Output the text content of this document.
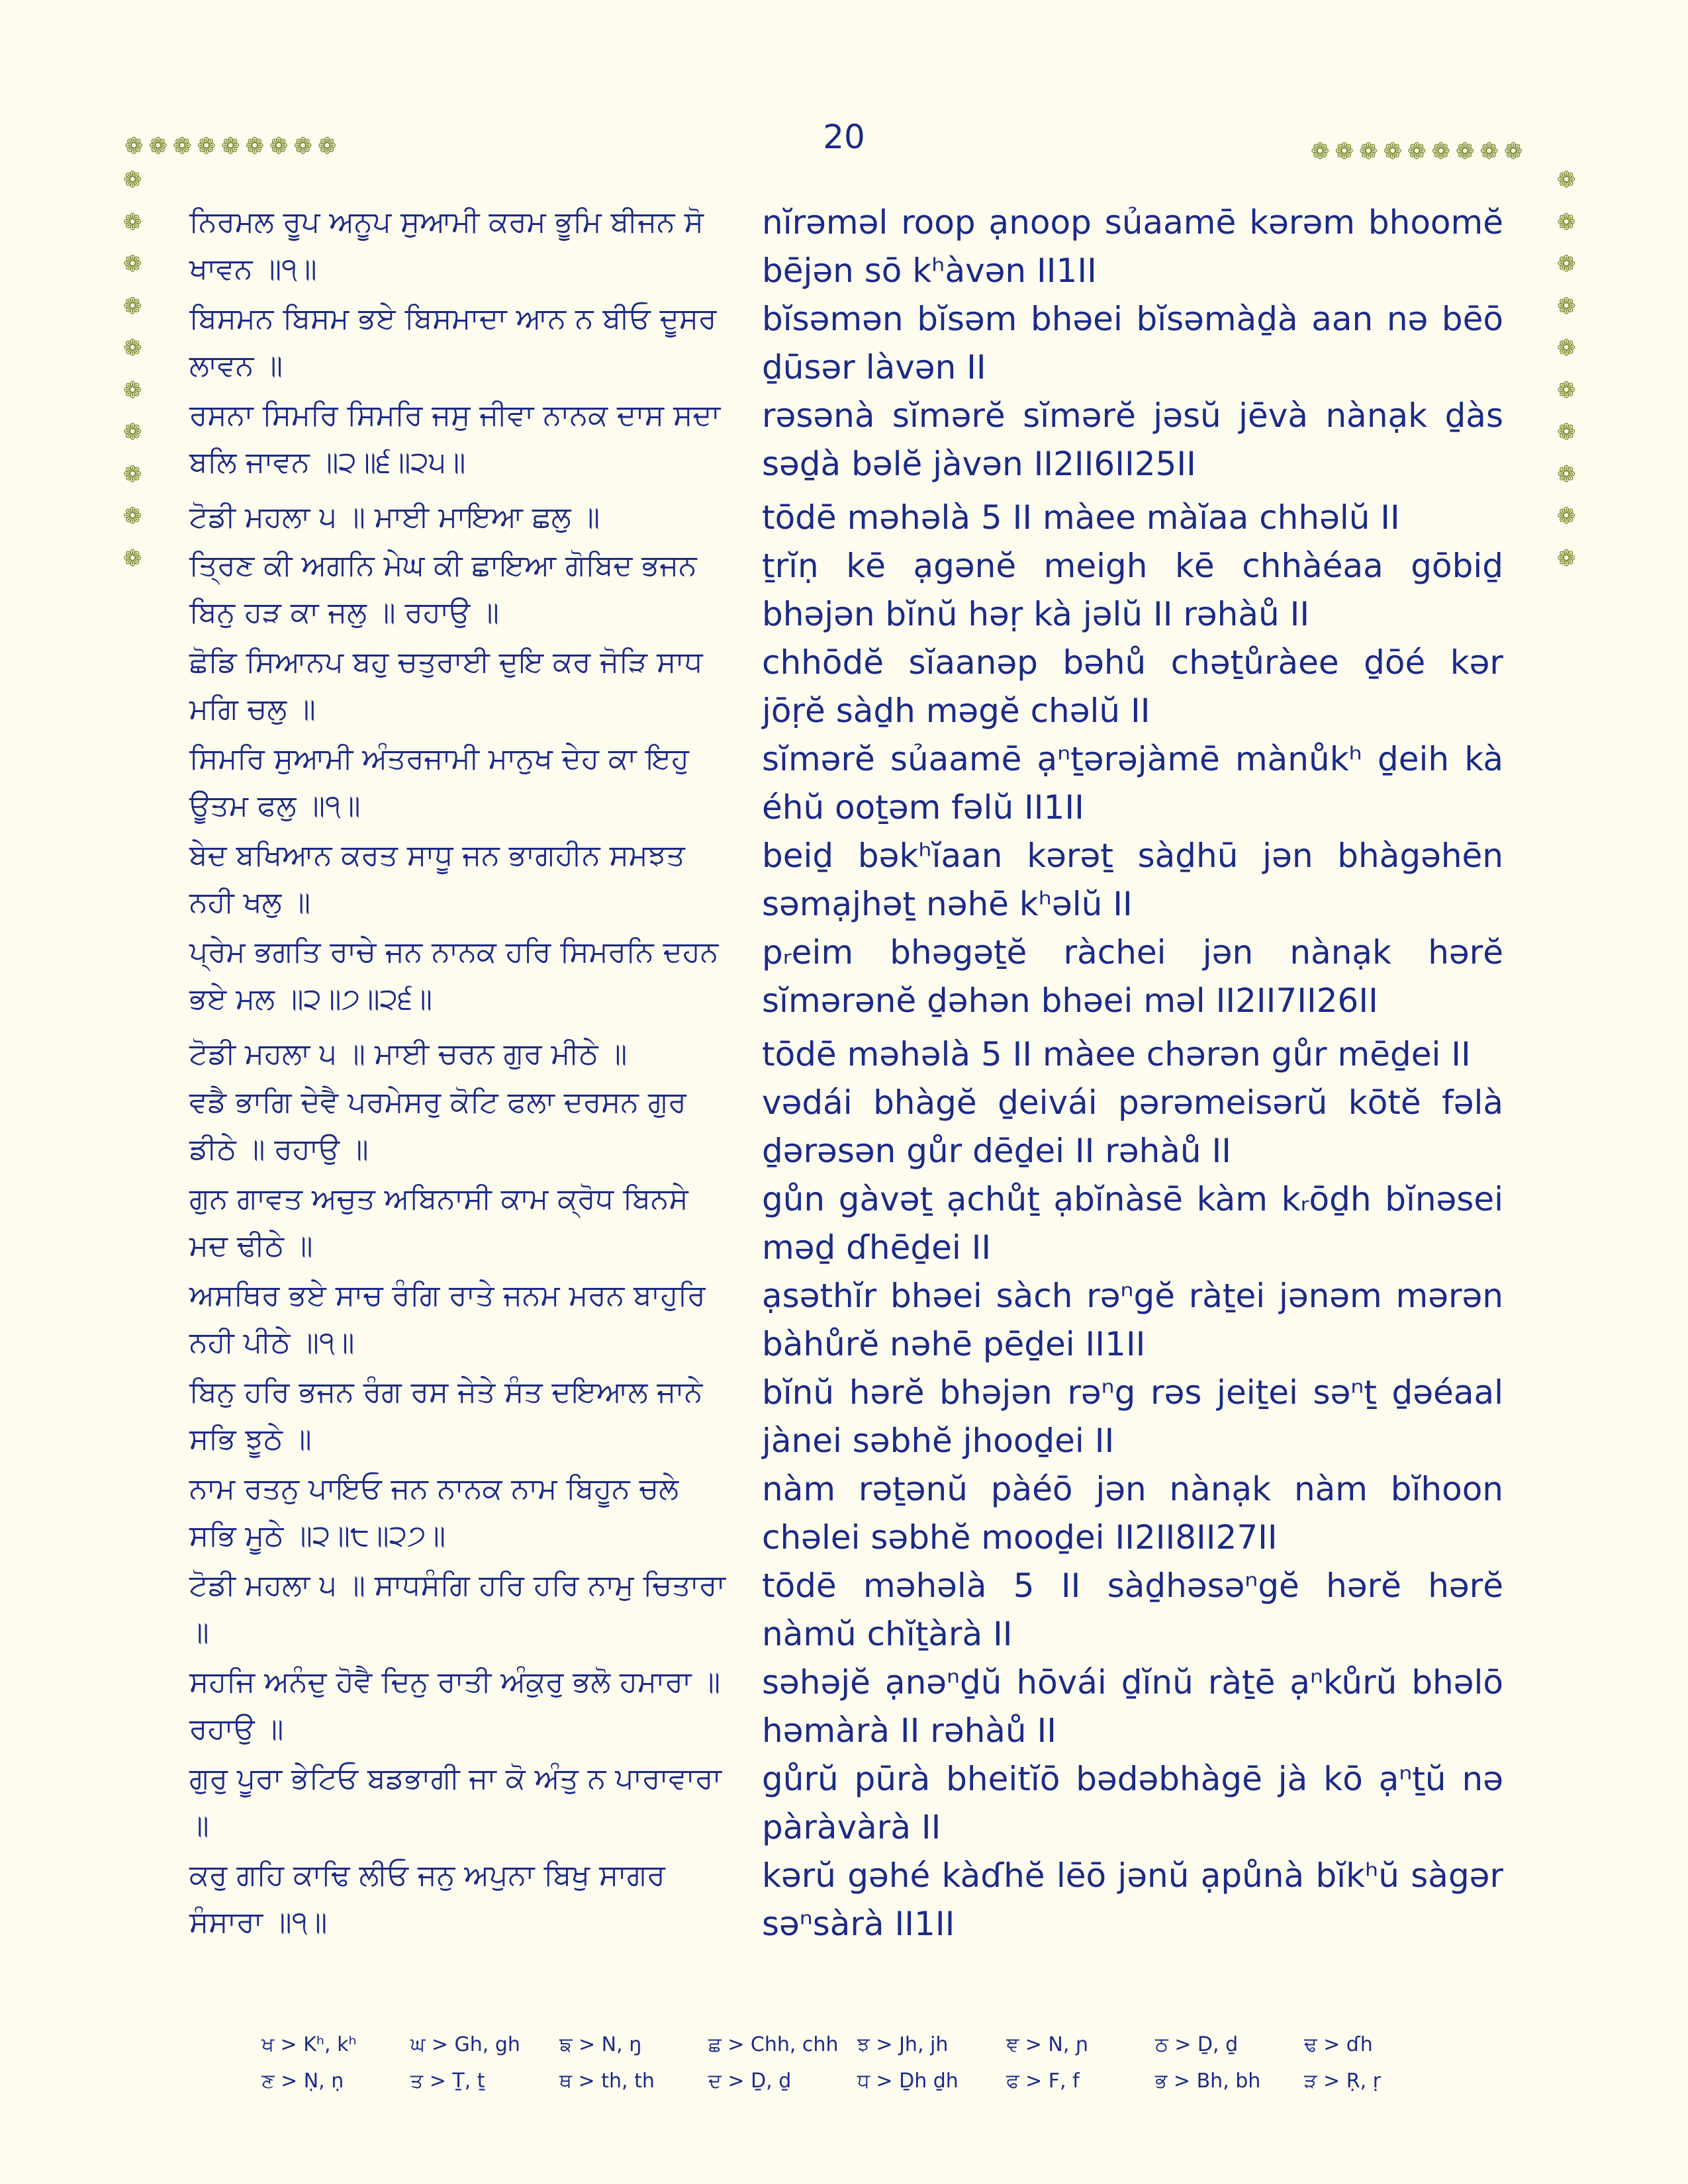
20
❁❁❁❁❁❁❁❁❁	❁❁❁❁❁❁❁❁❁
❁
❁
❁
❁
❁
❁
❁
❁
❁
❁
❁
❁
❁
❁
❁
❁
❁
❁
❁
❁
ਨਿਰਮਲ ਰੂਪ ਅਨੂਪ ਸੁਆਮੀ ਕਰਮ ਭੂਮਿ ਬੀਜਨ ਸੋ ਖਾਵਨ ॥੧॥
nĭrəməl roop ạnoop sủaamē kərəm bhoomĕ bējən sō kʰàvən II1II
ਬਿਸਮਨ ਬਿਸਮ ਭਏ ਬਿਸਮਾਦਾ ਆਨ ਨ ਬੀਓ ਦੂਸਰ ਲਾਵਨ ॥
bĭsəmən bĭsəm bhəei bĭsəmàḏà aan nə bēō ḏūsər làvən II
ਰਸਨਾ ਸਿਮਰਿ ਸਿਮਰਿ ਜਸੁ ਜੀਵਾ ਨਾਨਕ ਦਾਸ ਸਦਾ ਬਲਿ ਜਾਵਨ ॥੨॥੬॥੨੫॥
rəsənà sĭmərĕ sĭmərĕ jəsŭ jēvà nànạk ḏàs səḏà bəlĕ jàvən II2II6II25II
ਟੋਡੀ ਮਹਲਾ ੫ ॥ ਮਾਈ ਮਾਇਆ ਛਲੁ ॥	tōdē məhəlà 5 II màee màĭaa chhəlŭ II
ਤ੍ਰਿਣ ਕੀ ਅਗਨਿ ਮੇਘ ਕੀ ਛਾਇਆ ਗੋਬਿਦ ਭਜਨ ਬਿਨੁ ਹੜ ਕਾ ਜਲੁ ॥ ਰਹਾਉ ॥
ṯrĭṇ kē ạgənĕ meigh kē chhàéaa gōbiḏ bhəjən bĭnŭ həṛ kà jəlŭ II rəhàů II
ਛੋਡਿ ਸਿਆਨਪ ਬਹੁ ਚਤੁਰਾਈ ਦੁਇ ਕਰ ਜੋੜਿ ਸਾਧ ਮਗਿ ਚਲੁ ॥
chhōdĕ sĭaanəp bəhů chəṯůràee ḏōé kər jōṛĕ sàḏh məgĕ chəlŭ II
ਸਿਮਰਿ ਸੁਆਮੀ ਅੰਤਰਜਾਮੀ ਮਾਨੁਖ ਦੇਹ ਕਾ ਇਹੁ ਊਤਮ ਫਲੁ ॥੧॥
sĭmərĕ sủaamē ạⁿṯərəjàmē mànůkʰ ḏeih kà éhŭ ooṯəm fəlŭ II1II
ਬੇਦ ਬਖਿਆਨ ਕਰਤ ਸਾਧੂ ਜਨ ਭਾਗਹੀਨ ਸਮਝਤ ਨਹੀ ਖਲੁ ॥
beiḏ bəkʰĭaan kərəṯ sàḏhū jən bhàgəhēn səmạjhəṯ nəhē kʰəlŭ II
ਪ੍ਰੇਮ ਭਗਤਿ ਰਾਚੇ ਜਨ ਨਾਨਕ ਹਰਿ ਸਿਮਰਨਿ ਦਹਨ ਭਏ ਮਲ ॥੨॥੭॥੨੬॥
pᵣeim bhəgəṯĕ ràchei jən nànạk hərĕ sĭmərənĕ ḏəhən bhəei məl II2II7II26II
ਟੋਡੀ ਮਹਲਾ ੫ ॥ ਮਾਈ ਚਰਨ ਗੁਰ ਮੀਠੇ ॥	tōdē məhəlà 5 II màee chərən gůr mēḏei II
ਵਡੈ ਭਾਗਿ ਦੇਵੈ ਪਰਮੇਸਰੁ ਕੋਟਿ ਫਲਾ ਦਰਸਨ ਗੁਰ ਡੀਠੇ ॥ ਰਹਾਉ ॥
vədái bhàgĕ ḏeivái pərəmeisərŭ kōtĕ fəlà ḏərəsən gůr dēḏei II rəhàů II
ਗੁਨ ਗਾਵਤ ਅਚੁਤ ਅਬਿਨਾਸੀ ਕਾਮ ਕ੍ਰੋਧ ਬਿਨਸੇ ਮਦ ਢੀਠੇ ॥
gůn gàvəṯ ạchůṯ ạbĭnàsē kàm kᵣōḏh bĭnəsei məḏ ɗhēḏei II
ਅਸਥਿਰ ਭਏ ਸਾਚ ਰੰਗਿ ਰਾਤੇ ਜਨਮ ਮਰਨ ਬਾਹੁਰਿ ਨਹੀ ਪੀਠੇ ॥੧॥
ạsəthĭr bhəei sàch rəⁿgĕ ràṯei jənəm mərən bàhůrĕ nəhē pēḏei II1II
ਬਿਨੁ ਹਰਿ ਭਜਨ ਰੰਗ ਰਸ ਜੇਤੇ ਸੰਤ ਦਇਆਲ ਜਾਨੇ ਸਭਿ ਝੂਠੇ ॥
bĭnŭ hərĕ bhəjən rəⁿg rəs jeiṯei səⁿṯ ḏəéaal jànei səbhĕ jhooḏei II
ਨਾਮ ਰਤਨੁ ਪਾਇਓ ਜਨ ਨਾਨਕ ਨਾਮ ਬਿਹੂਨ ਚਲੇ ਸਭਿ ਮੂਠੇ ॥੨॥੮॥੨੭॥
nàm rəṯənŭ pàéō jən nànạk nàm bĭhoon chəlei səbhĕ mooḏei II2II8II27II
ਟੋਡੀ ਮਹਲਾ ੫ ॥ ਸਾਧਸੰਗਿ ਹਰਿ ਹਰਿ ਨਾਮੁ ਚਿਤਾਰਾ ॥
tōdē məhəlà 5 II sàḏhəsəⁿgĕ hərĕ hərĕ nàmŭ chĭṯàrà II
ਸਹਜਿ ਅਨੰਦੁ ਹੋਵੈ ਦਿਨੁ ਰਾਤੀ ਅੰਕੁਰੁ ਭਲੋ ਹਮਾਰਾ ॥ ਰਹਾਉ ॥
səhəjĕ ạnəⁿḏŭ hōvái ḏĭnŭ ràṯē ạⁿkůrŭ bhəlō həmàrà II rəhàů II
ਗੁਰੁ ਪੂਰਾ ਭੇਟਿਓ ਬਡਭਾਗੀ ਜਾ ਕੋ ਅੰਤੁ ਨ ਪਾਰਾਵਾਰਾ ॥
gůrŭ pūrà bheitĭō bədəbhàgē jà kō ạⁿṯŭ nə pàràvàrà II
ਕਰੁ ਗਹਿ ਕਾਢਿ ਲੀਓ ਜਨੁ ਅਪੁਨਾ ਬਿਖੁ ਸਾਗਰ ਸੰਸਾਰਾ ॥੧॥
kərŭ gəhé kàɗhĕ lēō jənŭ ạpůnà bĭkʰŭ sàgər səⁿsàrà II1II
ਖ > Kʰ, kʰ	ਘ > Gh, gh	ਙ > N, ŋ	ਛ > Chh, chh ਝ > Jh, jh	ਞ > N, ɲ	ਠ > Ḏ, ḏ	ਢ > ɗh
ਣ > Ṇ, ṇ	ਤ > Ṯ, ṯ	ਥ > th, th	ਦ > Ḏ, ḏ	ਧ > Ḏh ḏh	ਫ > F, f	ਭ > Bh, bh	ੜ > Ṛ, ṛ
